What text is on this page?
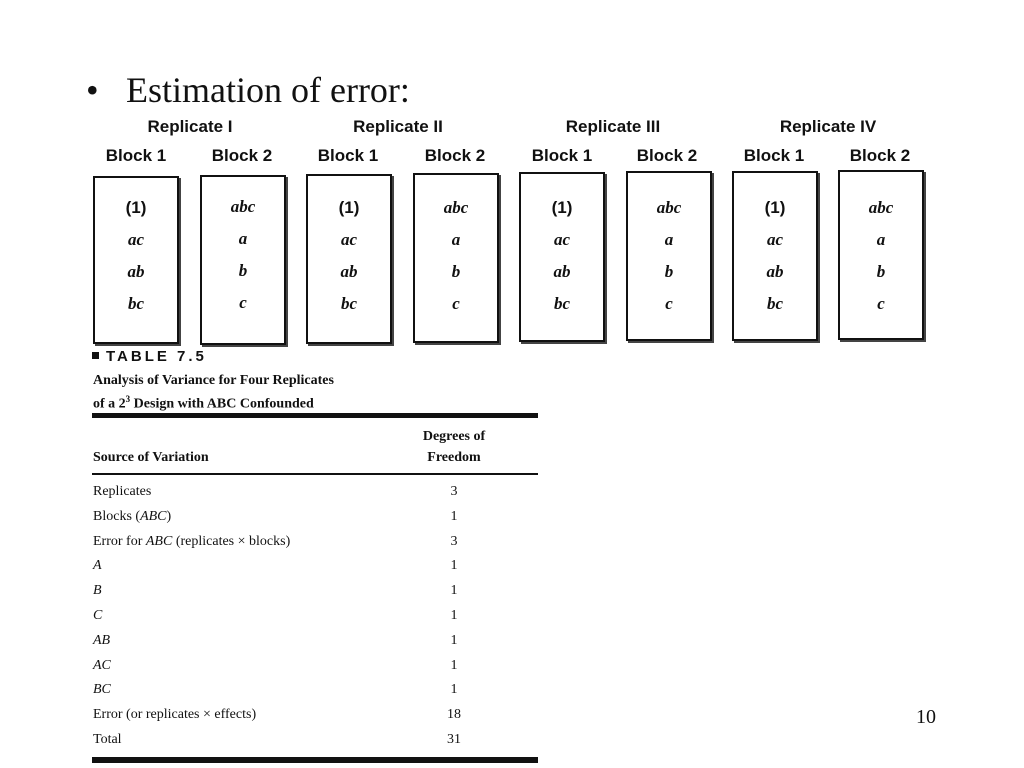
• Estimation of error:
Replicate I	Replicate II	Replicate III	Replicate IV
Block 1	Block 2	Block 1	Block 2	Block 1	Block 2	Block 1	Block 2
(1)
ac
ab
bc
abc
a
b
c
(1)
ac
ab
bc
abc
a
b
c
(1)
ac
ab
bc
abc
a
b
c
(1)
ac
ab
bc
abc
a
b
c
TABLE 7.5
Analysis of Variance for Four Replicates
of a $2^3$ Design with ABC Confounded
Source of Variation
Degrees of
Freedom
Replicates	3
Blocks (ABC)	1
Error for ABC (replicates × blocks)	3
A	1
B	1
C	1
AB	1
AC	1
BC	1
Error (or replicates × effects)	18
Total	31
10
